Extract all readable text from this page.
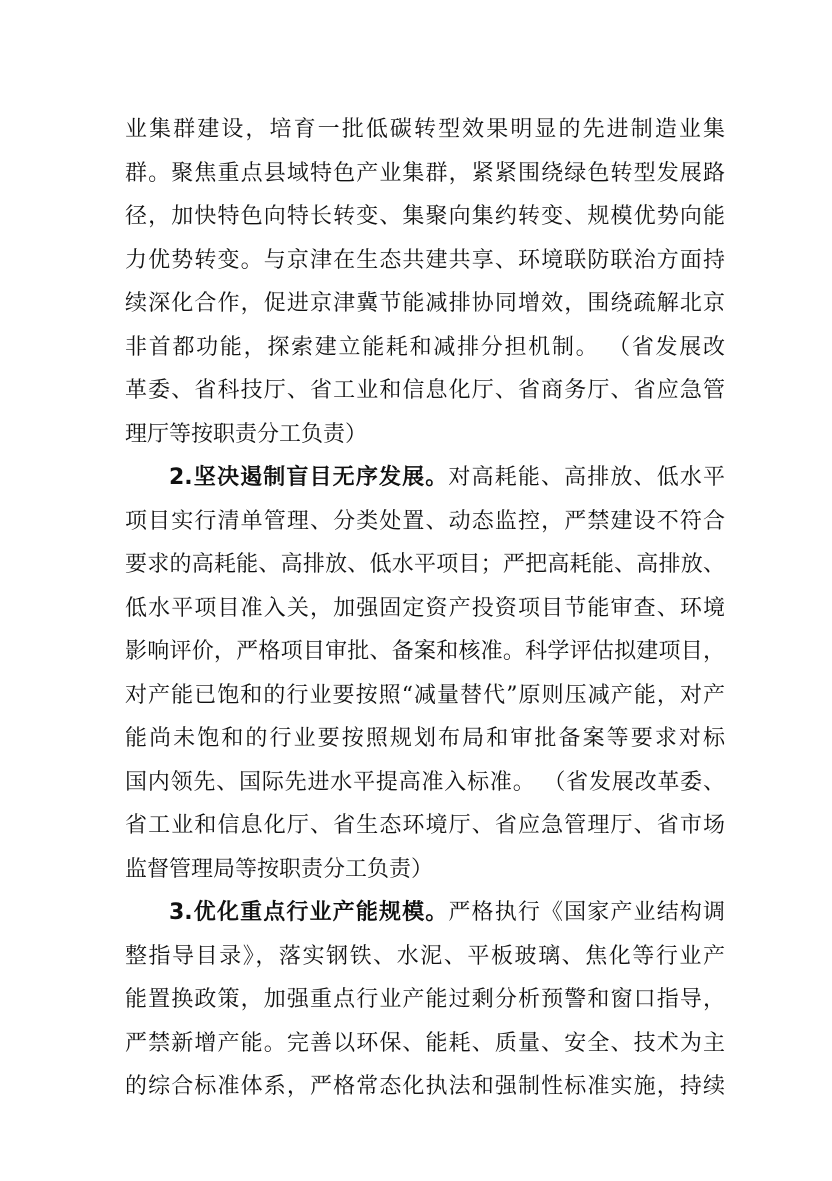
业集群建设，培育一批低碳转型效果明显的先进制造业集
群。聚焦重点县域特色产业集群，紧紧围绕绿色转型发展路
径，加快特色向特长转变、集聚向集约转变、规模优势向能
力优势转变。与京津在生态共建共享、环境联防联治方面持
续深化合作，促进京津冀节能减排协同增效，围绕疏解北京
非首都功能，探索建立能耗和减排分担机制。 （省发展改
革委、省科技厅、省工业和信息化厅、省商务厅、省应急管
理厅等按职责分工负责）
2.坚决遏制盲目无序发展。对高耗能、高排放、低水平
项目实行清单管理、分类处置、动态监控，严禁建设不符合
要求的高耗能、高排放、低水平项目；严把高耗能、高排放、
低水平项目准入关，加强固定资产投资项目节能审查、环境
影响评价，严格项目审批、备案和核准。科学评估拟建项目，
对产能已饱和的行业要按照“减量替代”原则压减产能，对产
能尚未饱和的行业要按照规划布局和审批备案等要求对标
国内领先、国际先进水平提高准入标准。 （省发展改革委、
省工业和信息化厅、省生态环境厅、省应急管理厅、省市场
监督管理局等按职责分工负责）
3.优化重点行业产能规模。严格执行《国家产业结构调
整指导目录》，落实钢铁、水泥、平板玻璃、焦化等行业产
能置换政策，加强重点行业产能过剩分析预警和窗口指导，
严禁新增产能。完善以环保、能耗、质量、安全、技术为主
的综合标准体系，严格常态化执法和强制性标准实施，持续
